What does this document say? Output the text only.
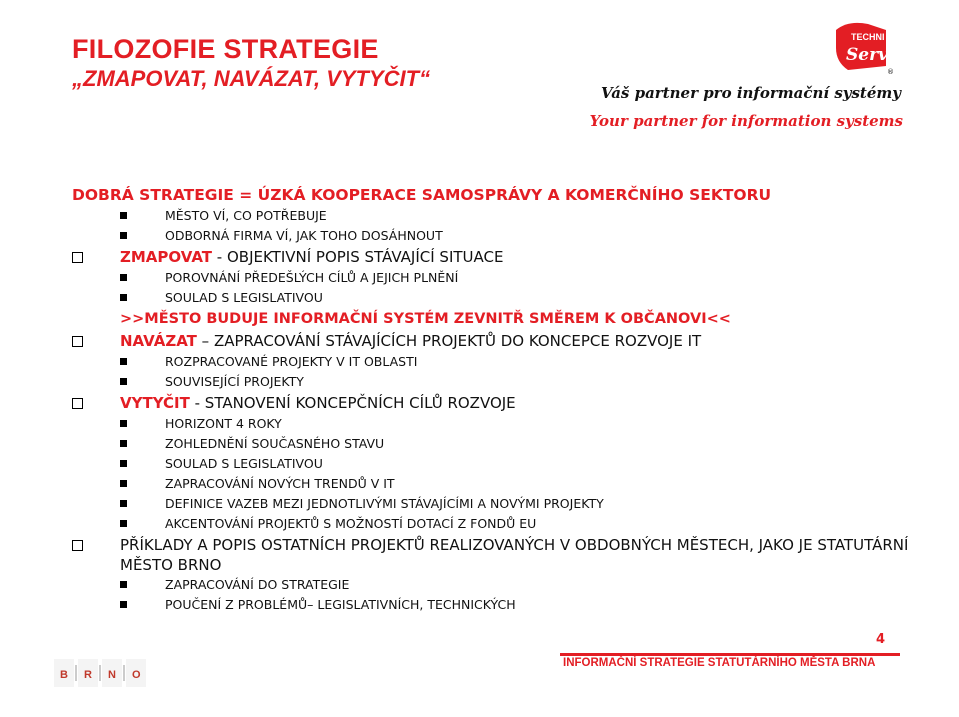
FILOZOFIE STRATEGIE
„ZMAPOVAT, NAVÁZAT, VYTYČIT“
TECHNI
Serv
®
Váš partner pro informační systémy
Your partner for information systems
DOBRÁ STRATEGIE = ÚZKÁ KOOPERACE SAMOSPRÁVY A KOMERČNÍHO SEKTORU
MĚSTO VÍ, CO POTŘEBUJE
ODBORNÁ FIRMA VÍ, JAK TOHO DOSÁHNOUT
ZMAPOVAT - OBJEKTIVNÍ POPIS STÁVAJÍCÍ SITUACE
POROVNÁNÍ PŘEDEŠLÝCH CÍLŮ A JEJICH PLNĚNÍ
SOULAD S LEGISLATIVOU
>>MĚSTO BUDUJE INFORMAČNÍ SYSTÉM ZEVNITŘ SMĚREM K OBČANOVI<<
NAVÁZAT – ZAPRACOVÁNÍ STÁVAJÍCÍCH PROJEKTŮ DO KONCEPCE ROZVOJE IT
ROZPRACOVANÉ PROJEKTY V IT OBLASTI
SOUVISEJÍCÍ PROJEKTY
VYTYČIT - STANOVENÍ KONCEPČNÍCH CÍLŮ ROZVOJE
HORIZONT 4 ROKY
ZOHLEDNĚNÍ SOUČASNÉHO STAVU
SOULAD S LEGISLATIVOU
ZAPRACOVÁNÍ NOVÝCH TRENDŮ V IT
DEFINICE VAZEB MEZI JEDNOTLIVÝMI STÁVAJÍCÍMI A NOVÝMI PROJEKTY
AKCENTOVÁNÍ PROJEKTŮ S MOŽNOSTÍ DOTACÍ Z FONDŮ EU
PŘÍKLADY A POPIS OSTATNÍCH PROJEKTŮ REALIZOVANÝCH V OBDOBNÝCH MĚSTECH, JAKO JE STATUTÁRNÍ MĚSTO BRNO
ZAPRACOVÁNÍ DO STRATEGIE
POUČENÍ Z PROBLÉMŮ– LEGISLATIVNÍCH, TECHNICKÝCH
4
INFORMAČNÍ STRATEGIE STATUTÁRNÍHO MĚSTA BRNA
B R N O
